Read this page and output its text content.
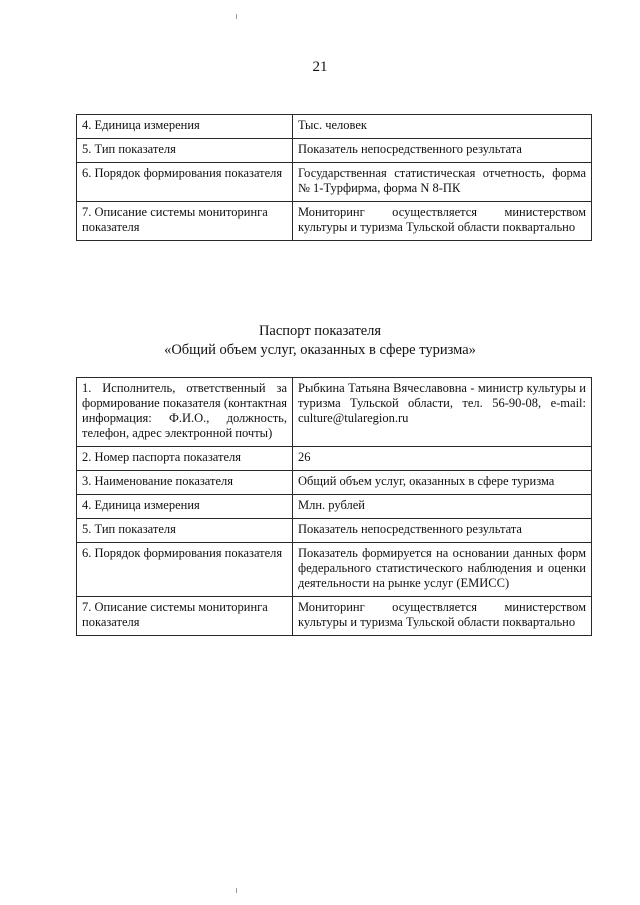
21
4. Единица измерения	Тыс. человек
5. Тип показателя	Показатель непосредственного результата
6. Порядок формирования показателя	Государственная статистическая отчетность, форма № 1-Турфирма, форма N 8-ПК
7. Описание системы мониторинга показателя	Мониторинг осуществляется министерством культуры и туризма Тульской области поквартально
Паспорт показателя
«Общий объем услуг, оказанных в сфере туризма»
1. Исполнитель, ответственный за формирование показателя (контактная информация: Ф.И.О., должность, телефон, адрес электронной почты)	Рыбкина Татьяна Вячеславовна - министр культуры и туризма Тульской области, тел. 56-90-08, e-mail: culture@tularegion.ru
2. Номер паспорта показателя	26
3. Наименование показателя	Общий объем услуг, оказанных в сфере туризма
4. Единица измерения	Млн. рублей
5. Тип показателя	Показатель непосредственного результата
6. Порядок формирования показателя	Показатель формируется на основании данных форм федерального статистического наблюдения и оценки деятельности на рынке услуг (ЕМИСС)
7. Описание системы мониторинга показателя	Мониторинг осуществляется министерством культуры и туризма Тульской области поквартально
